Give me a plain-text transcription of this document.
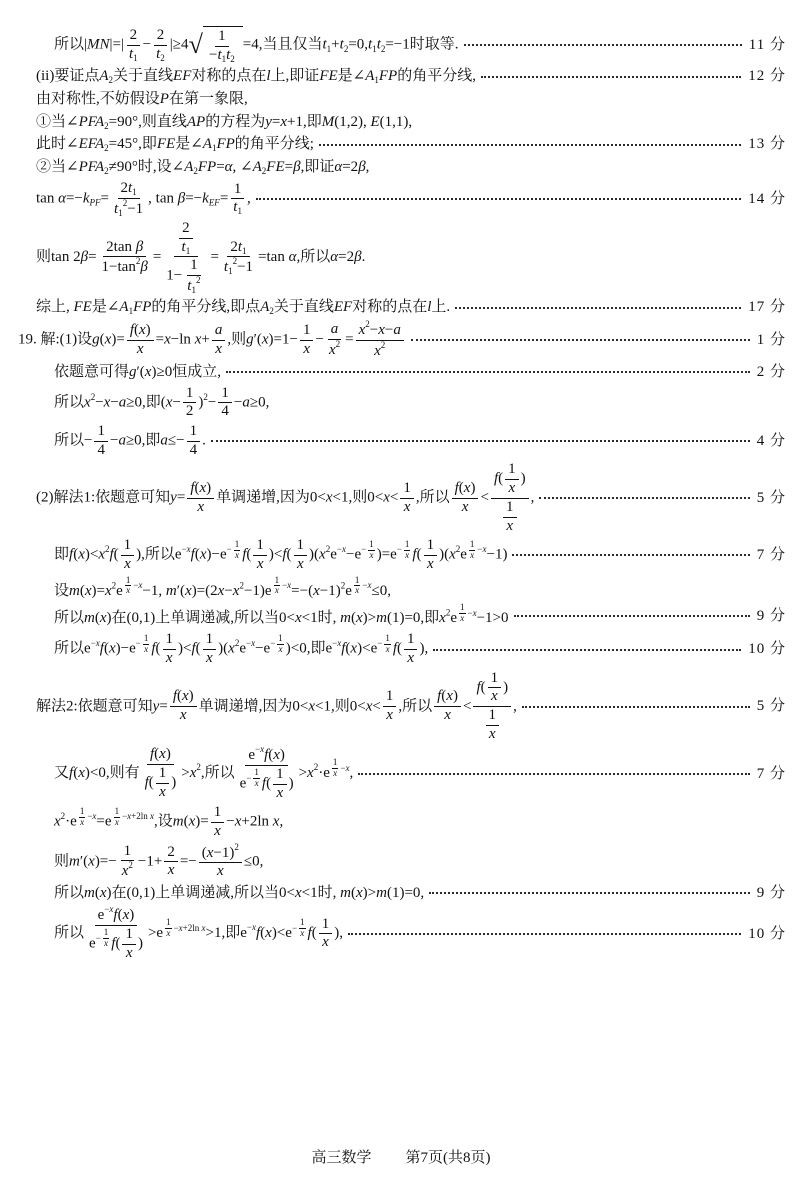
所以$|MN|=| \frac{2}{t_1} - \frac{2}{t_2} |\ge 4$ √ $\frac{1}{-t_1t_2} =4$,当且仅当$t_1+t_2=0,t_1t_2=-1$时取等.	11 分
(ii)要证点$A_2$关于直线EF对称的点在l上,即证FE是$\angle A_1FP$的角平分线,	12 分
由对称性,不妨假设P在第一象限,
①当$\angle PFA_2=90^\circ$,则直线AP的方程为y=x+1,即M(1,2), E(1,1),
此时$\angle EFA_2=45^\circ$,即FE是$\angle A_1FP$的角平分线;	13 分
②当$\angle PFA_2\ne 90^\circ$时,设$\angle A_2FP=\alpha$, $\angle A_2FE=\beta$,即证α=2β,
$\tan \alpha=-k_{PF}= \frac{2t_1}{t_1^2-1}$ , $\tan \beta=-k_{EF}= \frac{1}{t_1}$ ,	14 分
则$\tan 2\beta= \frac{\text{2tan β}}{1-\tan^2\beta} = \frac{\frac{2}{t_1}}{1- \frac{1}{t_1^2}} = \frac{2t_1}{t_1^2-1} =\tan$ α,所以α=2β.
综上, FE是$\angle A_1FP$的角平分线,即点$A_2$关于直线EF对称的点在l上.	17 分
19. 解:(1)设$g(x)= \frac{f(x)}{x} =x-\ln$ $x+ \frac{a}{x}$ ,则$g'(x)=1- \frac{1}{x} - \frac{a}{x^2} = \frac{x^2-x-a}{x^2}$	1 分
依题意可得g′(x)≥0恒成立,	2 分
所以$x^2-x-a\ge 0$,即$(x- \frac{1}{2} )^2- \frac{1}{4} -a\ge 0$,
所以− $\frac{1}{4} -a\ge 0$,即$a\le- \frac{1}{4}$ .	4 分
(2)解法1:依题意可知$y= \frac{f(x)}{x}$ 单调递增,因为0<x<1,则$0<x< \frac{1}{x}$ ,所以 $\frac{f(x)}{x} < \frac{f( \frac{1}{x} )}{\frac{1}{x}}$ ,	5 分
即$f(x)<x^2f( \frac{1}{x}$ ),所以$e^{-x}f(x)-e^{- \frac{1}{x}}$ $f( \frac{1}{x} )<f( \frac{1}{x} )(x^2e^{-x}-e^{- \frac{1}{x}}$ )$=e^{- \frac{1}{x}}$ $f( \frac{1}{x} )(x^2e$ $^{\frac{1}{x} -x}$−1)	7 分
设$m(x)=x^2e$ $^{\frac{1}{x} -x}$−1, $m'(x)=(2x-x^2-1)e$ $^{\frac{1}{x} -x}=-(x-1)^2e$ $^{\frac{1}{x} -x}$≤0,
所以m(x)在(0,1)上单调递减,所以当0<x<1时, m(x)>m(1)=0,即$x^2e$ $^{\frac{1}{x} -x}$−1>0	9 分
所以$e^{-x}f(x)-e^{- \frac{1}{x}}$ $f( \frac{1}{x} )<f( \frac{1}{x} )(x^2e^{-x}-e^{- \frac{1}{x}}$ )<0,即$e^{-x}f(x)<e^{- \frac{1}{x}}$ $f( \frac{1}{x}$ ),	10 分
解法2:依题意可知$y= \frac{f(x)}{x}$ 单调递增,因为0<x<1,则$0<x< \frac{1}{x}$ ,所以 $\frac{f(x)}{x} < \frac{f( \frac{1}{x} )}{\frac{1}{x}}$ ,	5 分
又f(x)<0,则有 $\frac{f(x)}{f( \frac{1}{x} )} >x^2$,所以 $e^{-x}f(x)$
$e^{- \frac{1}{x}}$ $f( \frac{1}{x}$ ) $>x^2\cdot e$ $^{\frac{1}{x} -x}$,	7 分
$x^2\cdot e$ $^{\frac{1}{x} -x}$=e $^{\frac{1}{x} -x+2ln x}$,设$m(x)= \frac{1}{x} -x+2\ln$ x,
则$m'(x)=- \frac{1}{x^2} -1+ \frac{2}{x} =- \frac{(x-1)^2}{x} \le 0$,
所以m(x)在(0,1)上单调递减,所以当0<x<1时, m(x)>m(1)=0,	9 分
所以 $e^{-x}f(x)$
$e^{- \frac{1}{x}}$ $f( \frac{1}{x}$ ) >e $^{\frac{1}{x} -x+2ln x}$>1,即$e^{-x}f(x)<e^{- \frac{1}{x}}$ $f( \frac{1}{x}$ ),	10 分
高三数学 第7页(共8页)
